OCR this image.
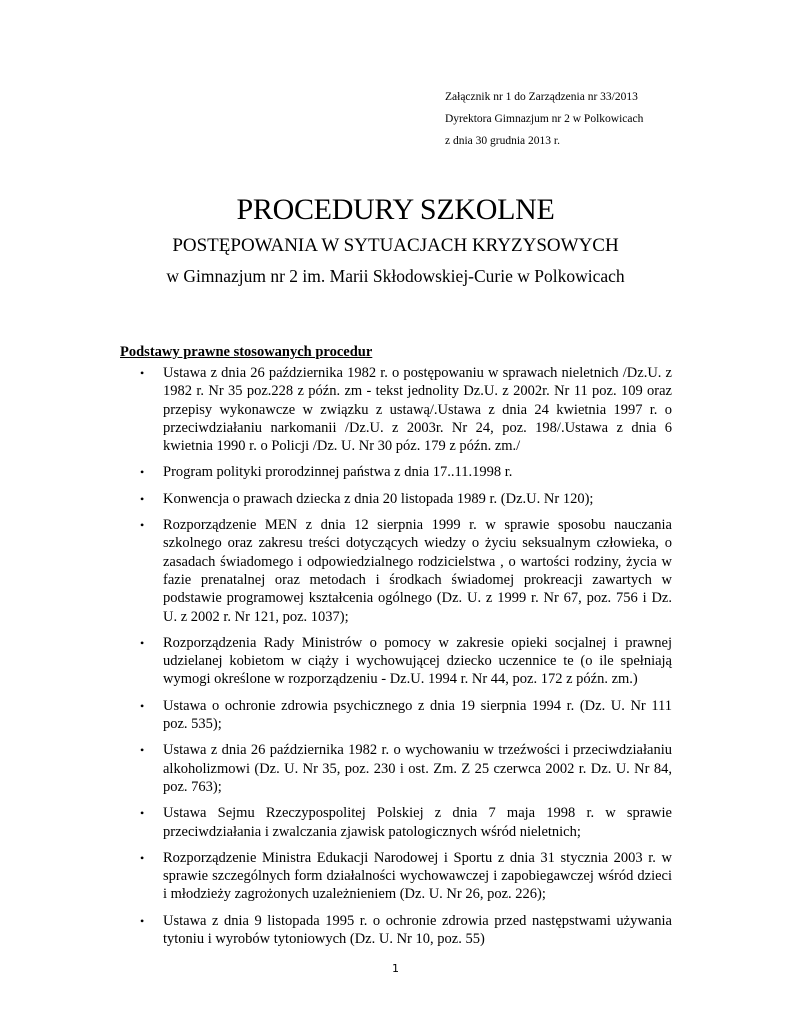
Załącznik nr 1 do Zarządzenia nr 33/2013
Dyrektora Gimnazjum nr 2 w Polkowicach
z dnia 30 grudnia 2013 r.
PROCEDURY SZKOLNE
POSTĘPOWANIA W SYTUACJACH KRYZYSOWYCH
w Gimnazjum nr 2 im. Marii Skłodowskiej-Curie w Polkowicach
Podstawy prawne stosowanych procedur
• Ustawa z dnia 26 października 1982 r. o postępowaniu w sprawach nieletnich /Dz.U. z 1982 r. Nr 35 poz.228 z późn. zm - tekst jednolity Dz.U. z 2002r. Nr 11 poz. 109 oraz przepisy wykonawcze w związku z ustawą/.Ustawa z dnia 24 kwietnia 1997 r. o przeciwdziałaniu narkomanii /Dz.U. z 2003r. Nr 24, poz. 198/.Ustawa z dnia 6 kwietnia 1990 r. o Policji /Dz. U. Nr 30 póz. 179 z późn. zm./
• Program polityki prorodzinnej państwa z dnia 17..11.1998 r.
• Konwencja o prawach dziecka z dnia 20 listopada 1989 r. (Dz.U. Nr 120);
• Rozporządzenie MEN z dnia 12 sierpnia 1999 r. w sprawie sposobu nauczania szkolnego oraz zakresu treści dotyczących wiedzy o życiu seksualnym człowieka, o zasadach świadomego i odpowiedzialnego rodzicielstwa , o wartości rodziny, życia w fazie prenatalnej oraz metodach i środkach świadomej prokreacji zawartych w podstawie programowej kształcenia ogólnego (Dz. U. z 1999 r. Nr 67, poz. 756 i Dz. U. z 2002 r. Nr 121, poz. 1037);
• Rozporządzenia Rady Ministrów o pomocy w zakresie opieki socjalnej i prawnej udzielanej kobietom w ciąży i wychowującej dziecko uczennice te (o ile spełniają wymogi określone w rozporządzeniu - Dz.U. 1994 r. Nr 44, poz. 172 z późn. zm.)
• Ustawa o ochronie zdrowia psychicznego z dnia 19 sierpnia 1994 r. (Dz. U. Nr 111 poz. 535);
• Ustawa z dnia 26 października 1982 r. o wychowaniu w trzeźwości i przeciwdziałaniu alkoholizmowi (Dz. U. Nr 35, poz. 230 i ost. Zm. Z 25 czerwca 2002 r. Dz. U. Nr 84, poz. 763);
• Ustawa Sejmu Rzeczypospolitej Polskiej z dnia 7 maja 1998 r. w sprawie przeciwdziałania i zwalczania zjawisk patologicznych wśród nieletnich;
• Rozporządzenie Ministra Edukacji Narodowej i Sportu z dnia 31 stycznia 2003 r. w sprawie szczególnych form działalności wychowawczej i zapobiegawczej wśród dzieci i młodzieży zagrożonych uzależnieniem (Dz. U. Nr 26, poz. 226);
• Ustawa z dnia 9 listopada 1995 r. o ochronie zdrowia przed następstwami używania tytoniu i wyrobów tytoniowych (Dz. U. Nr 10, poz. 55)
1
